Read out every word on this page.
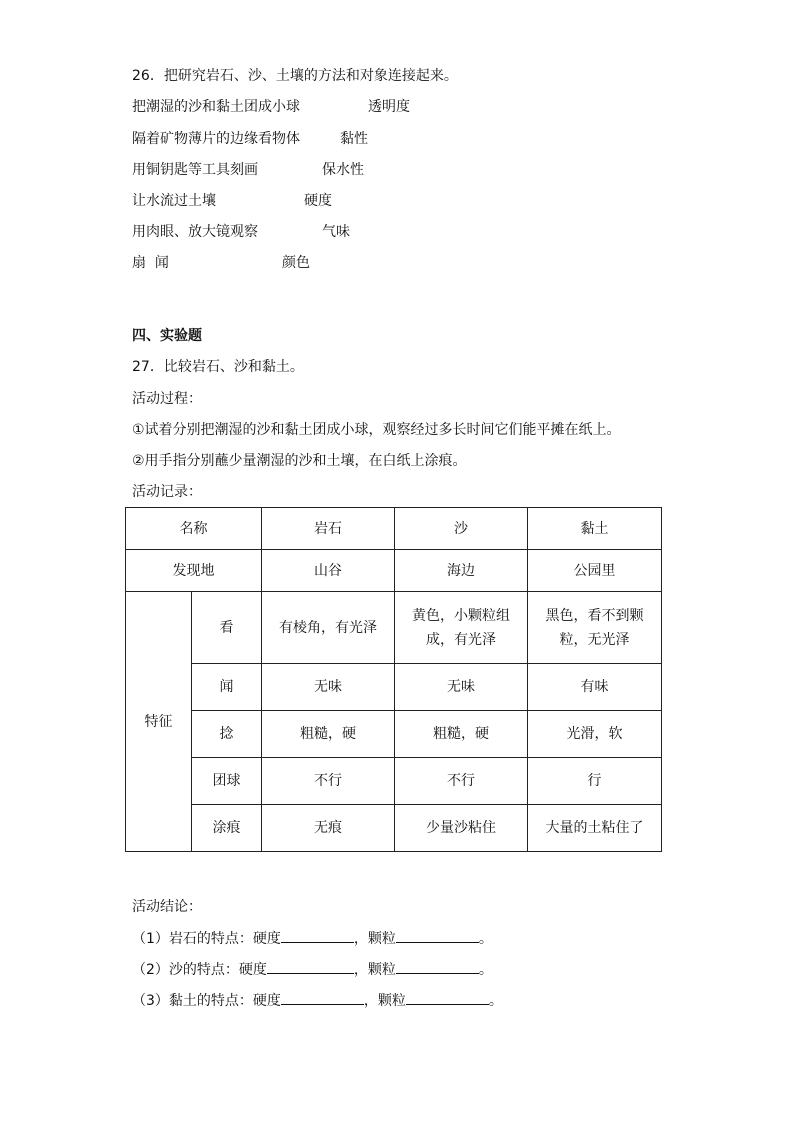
26．把研究岩石、沙、土壤的方法和对象连接起来。
把潮湿的沙和黏土团成小球	透明度
隔着矿物薄片的边缘看物体	黏性
用铜钥匙等工具刻画	保水性
让水流过土壤	硬度
用肉眼、放大镜观察	气味
扇  闻	颜色
四、实验题
27．比较岩石、沙和黏土。
活动过程：
①试着分别把潮湿的沙和黏土团成小球，观察经过多长时间它们能平摊在纸上。
②用手指分别蘸少量潮湿的沙和土壤，在白纸上涂痕。
活动记录：
名称		岩石	沙	黏土
发现地		山谷	海边	公园里
特征	看	有棱角，有光泽	黄色，小颗粒组成，有光泽	黑色，看不到颗粒，无光泽
	闻	无味	无味	有味
	捻	粗糙，硬	粗糙，硬	光滑，软
	团球	不行	不行	行
	涂痕	无痕	少量沙粘住	大量的土粘住了
活动结论：
（1）岩石的特点：硬度	，颗粒	。
（2）沙的特点：硬度	，颗粒	。
（3）黏土的特点：硬度	，颗粒	。
